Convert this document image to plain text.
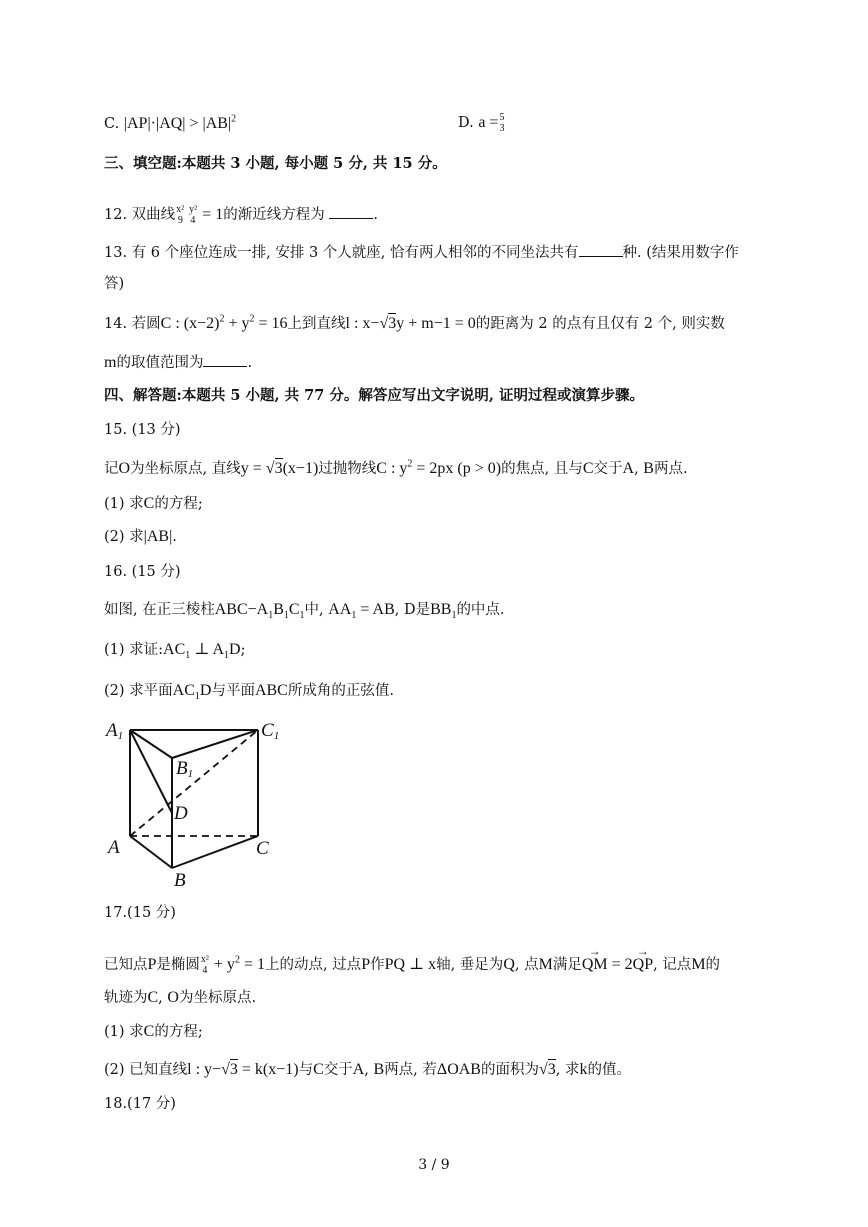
C. $|AP|\cdot|AQ| > |AB|^2$	D. a = 5
3
三、填空题:本题共 3 小题, 每小题 5 分, 共 15 分。
12. 双曲线 x²  y²
9   4 = 1的渐近线方程为	.
13. 有 6 个座位连成一排, 安排 3 个人就座, 恰有两人相邻的不同坐法共有	种. (结果用数字作
答)
14. 若圆C : $(x-2)^2 + y^2 = 16$上到直线l : x−√3y + m−1 = 0的距离为 2 的点有且仅有 2 个, 则实数
m的取值范围为	.
四、解答题:本题共 5 小题, 共 77 分。解答应写出文字说明, 证明过程或演算步骤。
15. (13 分)
记O为坐标原点, 直线y = √3(x−1)过抛物线C : $y^2 = 2px$ (p > 0)的焦点, 且与C交于A, B两点.
(1) 求C的方程;
(2) 求|AB|.
16. (15 分)
如图, 在正三棱柱$ABC-A_1B_1C_1$中, $AA_1$ = AB, D是$BB_1$的中点.
(1) 求证$:AC_1$ ⊥ $A_1D$;
(2) 求平面$AC_1D$与平面ABC所成角的正弦值.
A1	C1
B1
D
A	C
B
17.(15 分)
已知点P是椭圆 x²
$4 + y^2 = 1$上的动点, 过点P作PQ ⊥ x轴, 垂足为Q, 点M满足→ QM = 2→ QP, 记点M的
轨迹为C, O为坐标原点.
(1) 求C的方程;
(2) 已知直线l : y−√3 = k(x−1)与C交于A, B两点, 若ΔOAB的面积为√3, 求k的值。
18.(17 分)
3 / 9
